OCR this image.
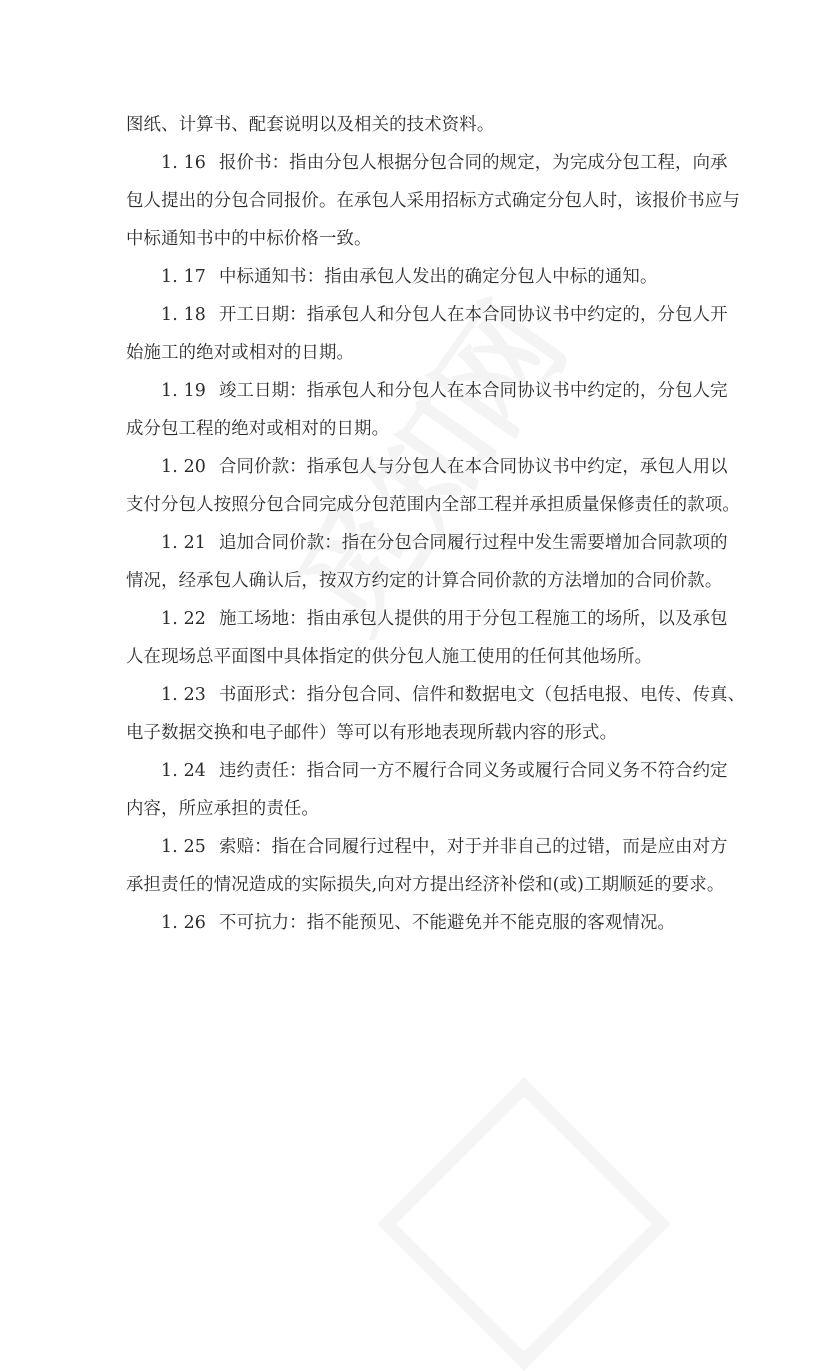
图纸、计算书、配套说明以及相关的技术资料。
1. 16 报价书：指由分包人根据分包合同的规定，为完成分包工程，向承
包人提出的分包合同报价。在承包人采用招标方式确定分包人时，该报价书应与
中标通知书中的中标价格一致。
1. 17 中标通知书：指由承包人发出的确定分包人中标的通知。
1. 18 开工日期：指承包人和分包人在本合同协议书中约定的，分包人开
始施工的绝对或相对的日期。
1. 19 竣工日期：指承包人和分包人在本合同协议书中约定的，分包人完
成分包工程的绝对或相对的日期。
1. 20 合同价款：指承包人与分包人在本合同协议书中约定，承包人用以
支付分包人按照分包合同完成分包范围内全部工程并承担质量保修责任的款项。
1. 21 追加合同价款：指在分包合同履行过程中发生需要增加合同款项的
情况，经承包人确认后，按双方约定的计算合同价款的方法增加的合同价款。
1. 22 施工场地：指由承包人提供的用于分包工程施工的场所，以及承包
人在现场总平面图中具体指定的供分包人施工使用的任何其他场所。
1. 23 书面形式：指分包合同、信件和数据电文（包括电报、电传、传真、
电子数据交换和电子邮件）等可以有形地表现所载内容的形式。
1. 24 违约责任：指合同一方不履行合同义务或履行合同义务不符合约定
内容，所应承担的责任。
1. 25 索赔：指在合同履行过程中，对于并非自己的过错，而是应由对方
承担责任的情况造成的实际损失,向对方提出经济补偿和(或)工期顺延的要求。
1. 26 不可抗力：指不能预见、不能避免并不能克服的客观情况。
